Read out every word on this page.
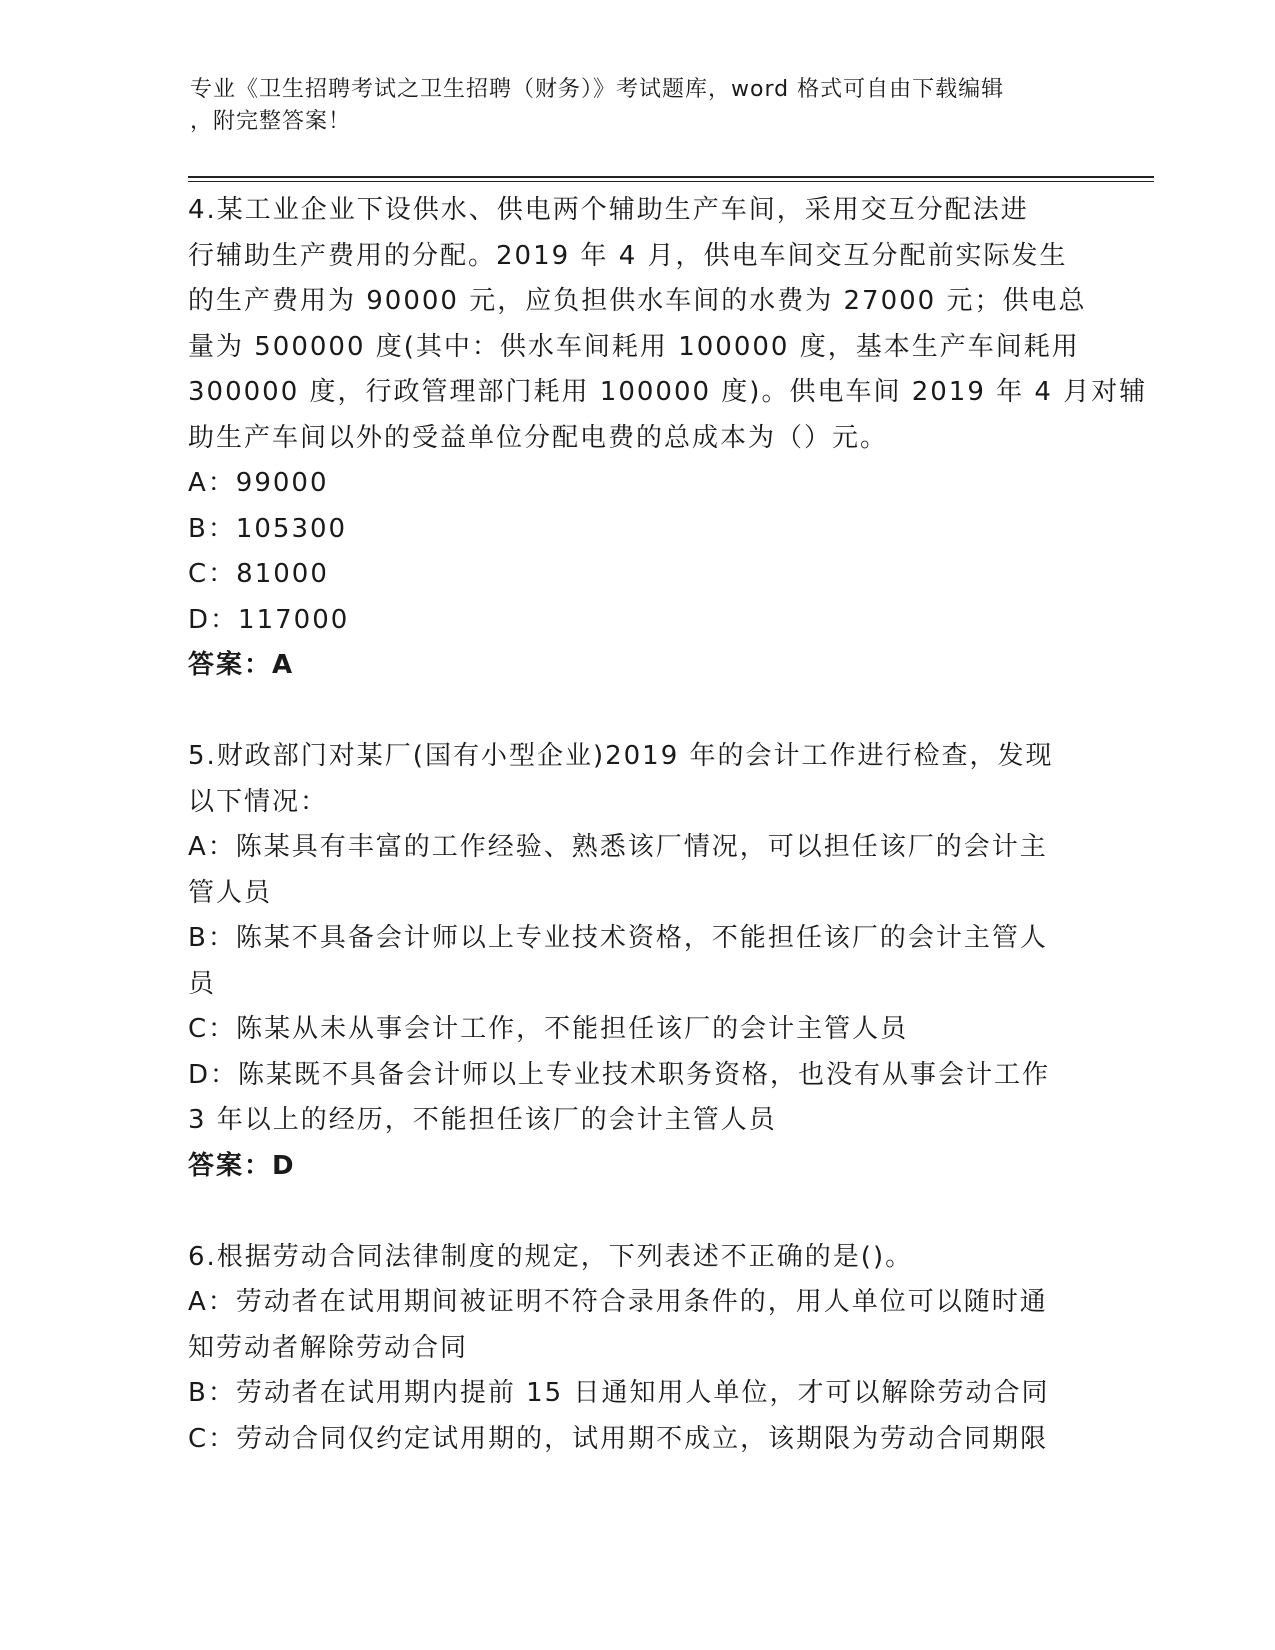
专业《卫生招聘考试之卫生招聘（财务）》考试题库，word 格式可自由下载编辑
，附完整答案！
4.某工业企业下设供水、供电两个辅助生产车间，采用交互分配法进
行辅助生产费用的分配。2019 年 4 月，供电车间交互分配前实际发生
的生产费用为 90000 元，应负担供水车间的水费为 27000 元；供电总
量为 500000 度(其中：供水车间耗用 100000 度，基本生产车间耗用
300000 度，行政管理部门耗用 100000 度)。供电车间 2019 年 4 月对辅
助生产车间以外的受益单位分配电费的总成本为（）元。
A：99000
B：105300
C：81000
D：117000
答案：A
5.财政部门对某厂(国有小型企业)2019 年的会计工作进行检查，发现
以下情况：
A：陈某具有丰富的工作经验、熟悉该厂情况，可以担任该厂的会计主
管人员
B：陈某不具备会计师以上专业技术资格，不能担任该厂的会计主管人
员
C：陈某从未从事会计工作，不能担任该厂的会计主管人员
D：陈某既不具备会计师以上专业技术职务资格，也没有从事会计工作
3 年以上的经历，不能担任该厂的会计主管人员
答案：D
6.根据劳动合同法律制度的规定，下列表述不正确的是()。
A：劳动者在试用期间被证明不符合录用条件的，用人单位可以随时通
知劳动者解除劳动合同
B：劳动者在试用期内提前 15 日通知用人单位，才可以解除劳动合同
C：劳动合同仅约定试用期的，试用期不成立，该期限为劳动合同期限
